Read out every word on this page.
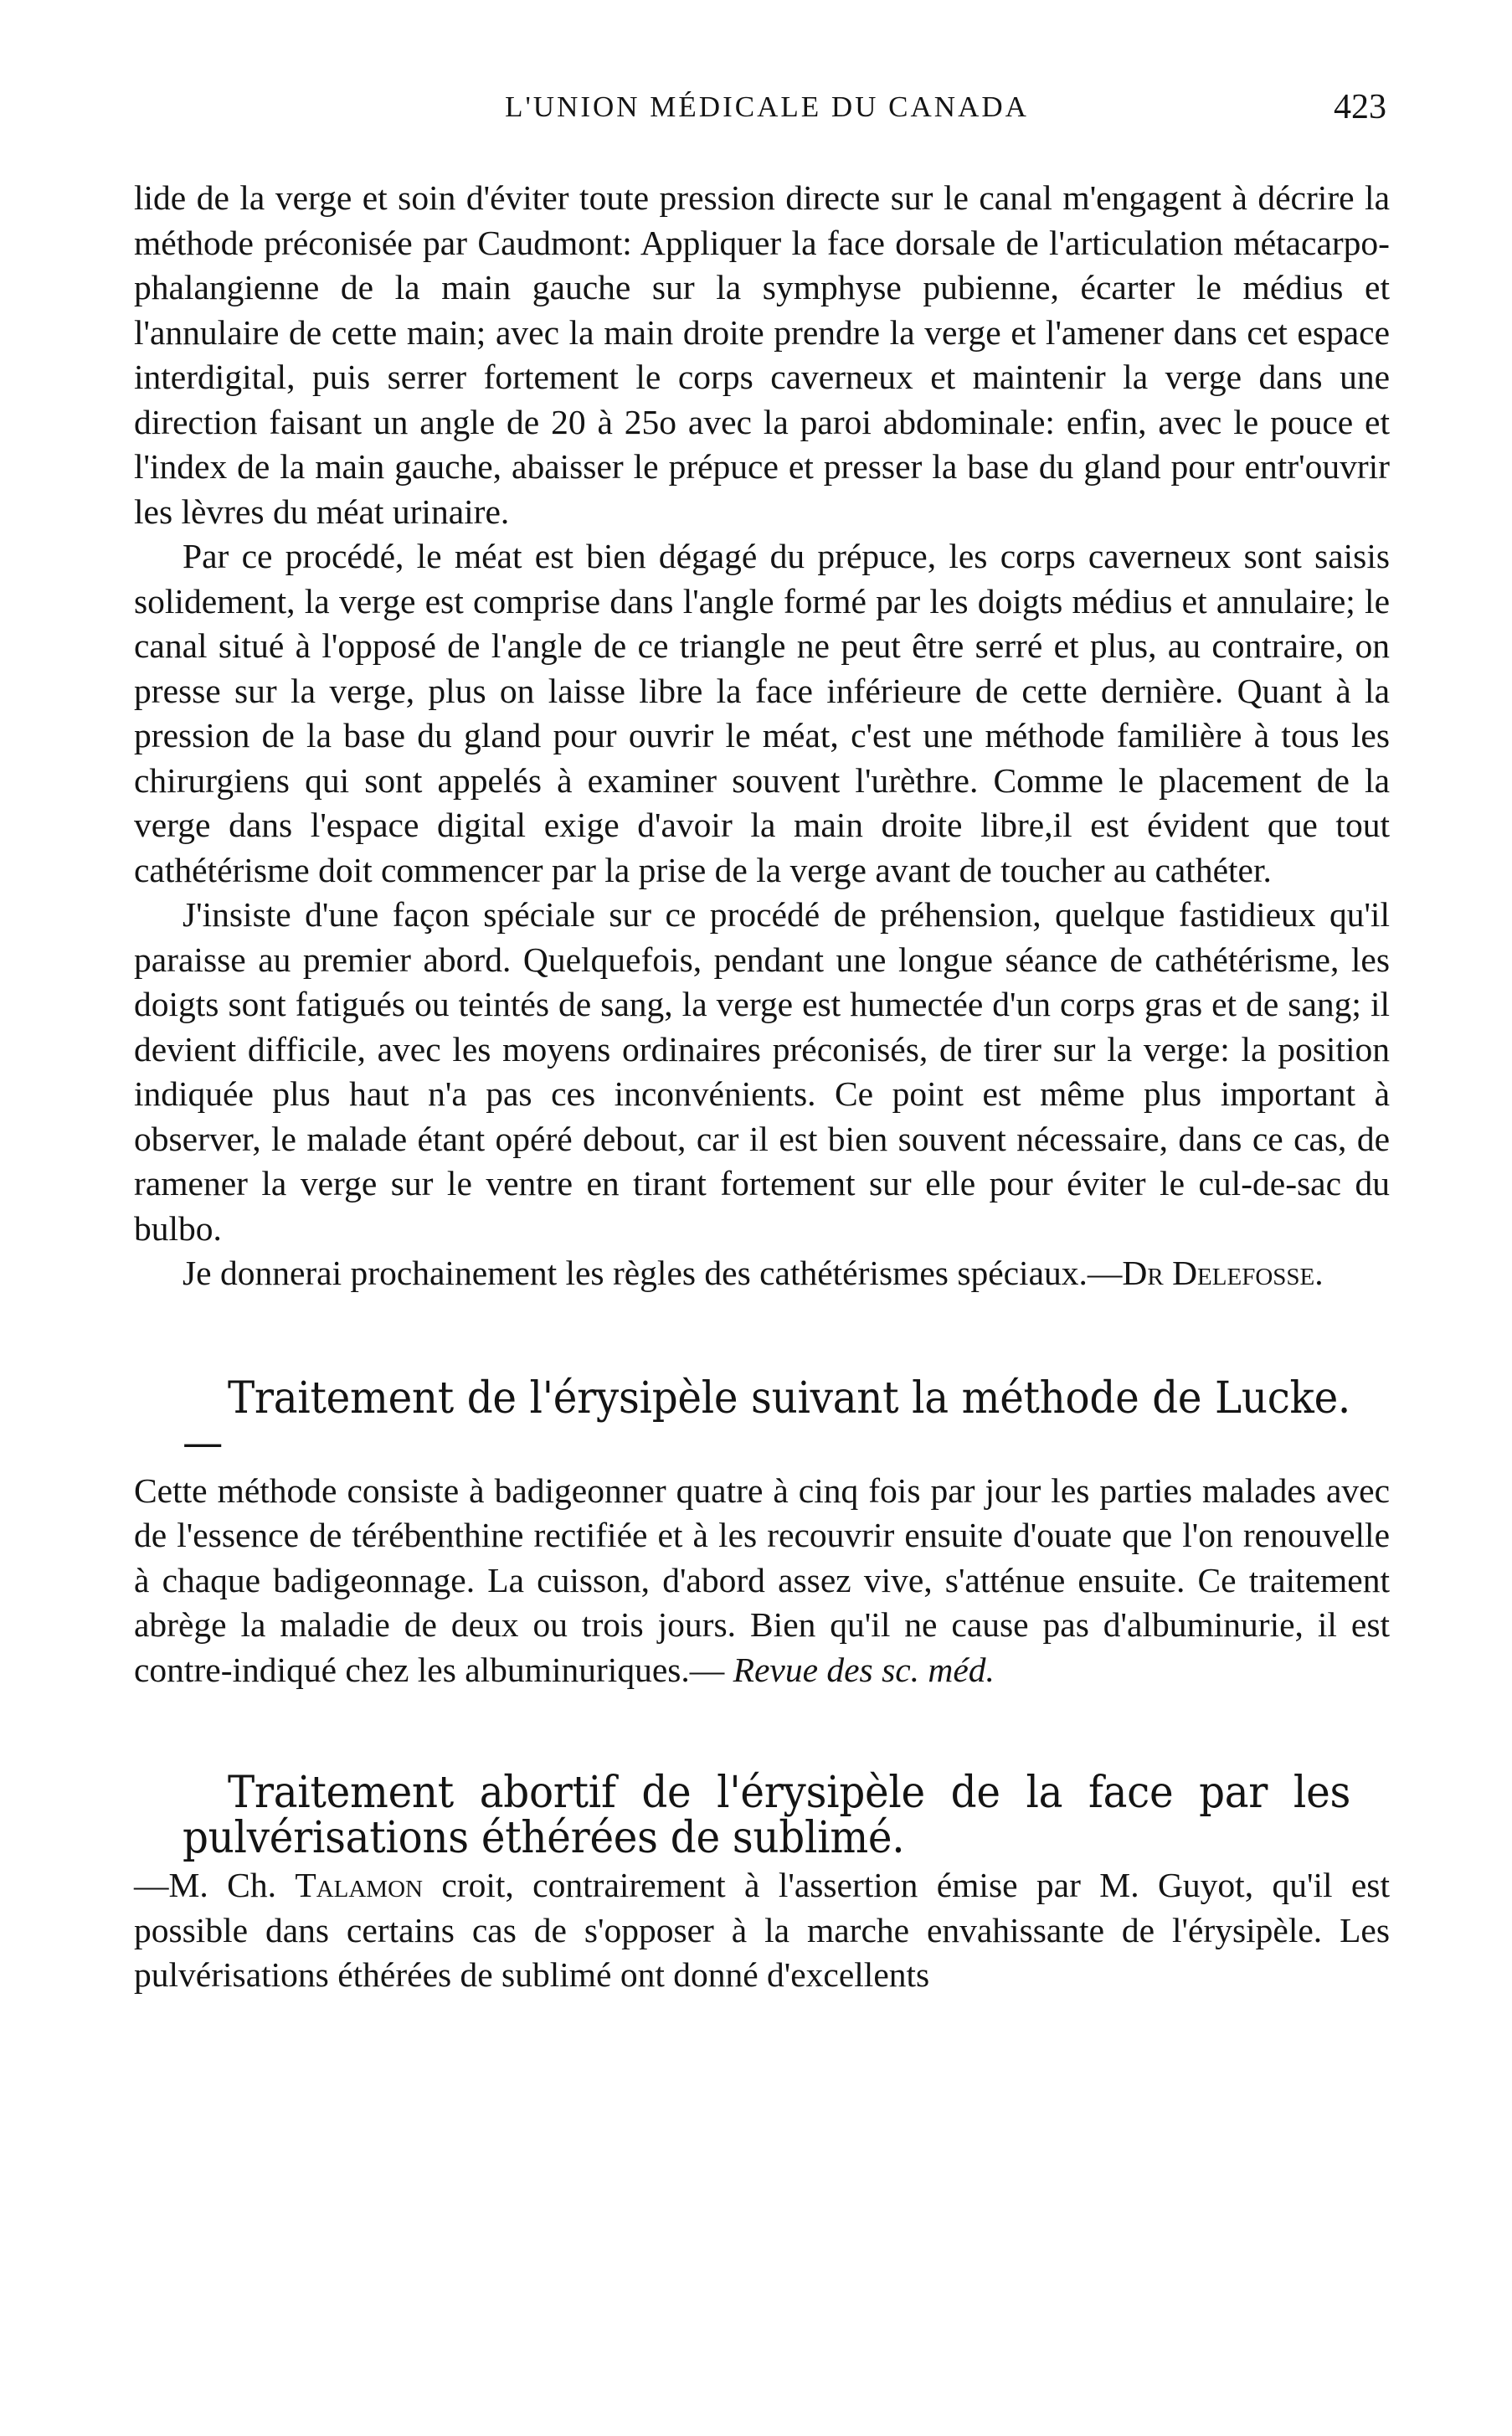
L'UNION MÉDICALE DU CANADA	423

lide de la verge et soin d'éviter toute pression directe sur le canal m'engagent à décrire la méthode préconisée par Caudmont: Appliquer la face dorsale de l'articulation métacarpo-phalangienne de la main gauche sur la symphyse pubienne, écarter le médius et l'annulaire de cette main; avec la main droite prendre la verge et l'amener dans cet espace interdigital, puis serrer fortement le corps caverneux et maintenir la verge dans une direction faisant un angle de 20 à 25o avec la paroi abdominale: enfin, avec le pouce et l'index de la main gauche, abaisser le prépuce et presser la base du gland pour entr'ouvrir les lèvres du méat urinaire.

Par ce procédé, le méat est bien dégagé du prépuce, les corps caverneux sont saisis solidement, la verge est comprise dans l'angle formé par les doigts médius et annulaire; le canal situé à l'opposé de l'angle de ce triangle ne peut être serré et plus, au contraire, on presse sur la verge, plus on laisse libre la face inférieure de cette dernière. Quant à la pression de la base du gland pour ouvrir le méat, c'est une méthode familière à tous les chirurgiens qui sont appelés à examiner souvent l'urèthre. Comme le placement de la verge dans l'espace digital exige d'avoir la main droite libre,il est évident que tout cathétérisme doit commencer par la prise de la verge avant de toucher au cathéter.

J'insiste d'une façon spéciale sur ce procédé de préhension, quelque fastidieux qu'il paraisse au premier abord. Quelquefois, pendant une longue séance de cathétérisme, les doigts sont fatigués ou teintés de sang, la verge est humectée d'un corps gras et de sang; il devient difficile, avec les moyens ordinaires préconisés, de tirer sur la verge: la position indiquée plus haut n'a pas ces inconvénients. Ce point est même plus important à observer, le malade étant opéré debout, car il est bien souvent nécessaire, dans ce cas, de ramener la verge sur le ventre en tirant fortement sur elle pour éviter le cul-de-sac du bulbo.

Je donnerai prochainement les règles des cathétérismes spéciaux.—Dr Delefosse.

Traitement de l'érysipèle suivant la méthode de Lucke.— Cette méthode consiste à badigeonner quatre à cinq fois par jour les parties malades avec de l'essence de térébenthine rectifiée et à les recouvrir ensuite d'ouate que l'on renouvelle à chaque badigeonnage. La cuisson, d'abord assez vive, s'atténue ensuite. Ce traitement abrège la maladie de deux ou trois jours. Bien qu'il ne cause pas d'albuminurie, il est contre-indiqué chez les albuminuriques.— Revue des sc. méd.

Traitement abortif de l'érysipèle de la face par les pulvérisations éthérées de sublimé.—M. Ch. Talamon croit, contrairement à l'assertion émise par M. Guyot, qu'il est possible dans certains cas de s'opposer à la marche envahissante de l'érysipèle. Les pulvérisations éthérées de sublimé ont donné d'excellents
